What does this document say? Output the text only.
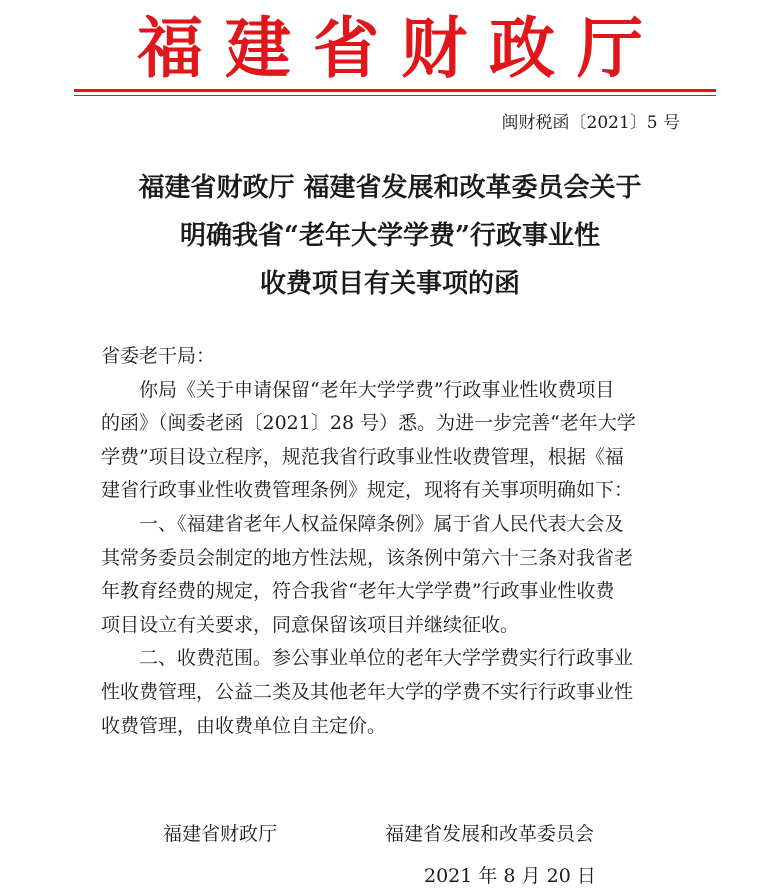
福建省财政厅
闽财税函〔2021〕5 号
福建省财政厅 福建省发展和改革委员会关于
明确我省“老年大学学费”行政事业性
收费项目有关事项的函
省委老干局：
你局《关于申请保留“老年大学学费”行政事业性收费项目
的函》（闽委老函〔2021〕28 号）悉。为进一步完善“老年大学
学费”项目设立程序，规范我省行政事业性收费管理，根据《福
建省行政事业性收费管理条例》规定，现将有关事项明确如下：
一、《福建省老年人权益保障条例》属于省人民代表大会及
其常务委员会制定的地方性法规，该条例中第六十三条对我省老
年教育经费的规定，符合我省“老年大学学费”行政事业性收费
项目设立有关要求，同意保留该项目并继续征收。
二、收费范围。参公事业单位的老年大学学费实行行政事业
性收费管理，公益二类及其他老年大学的学费不实行行政事业性
收费管理，由收费单位自主定价。
福建省财政厅	福建省发展和改革委员会
2021 年 8 月 20 日
